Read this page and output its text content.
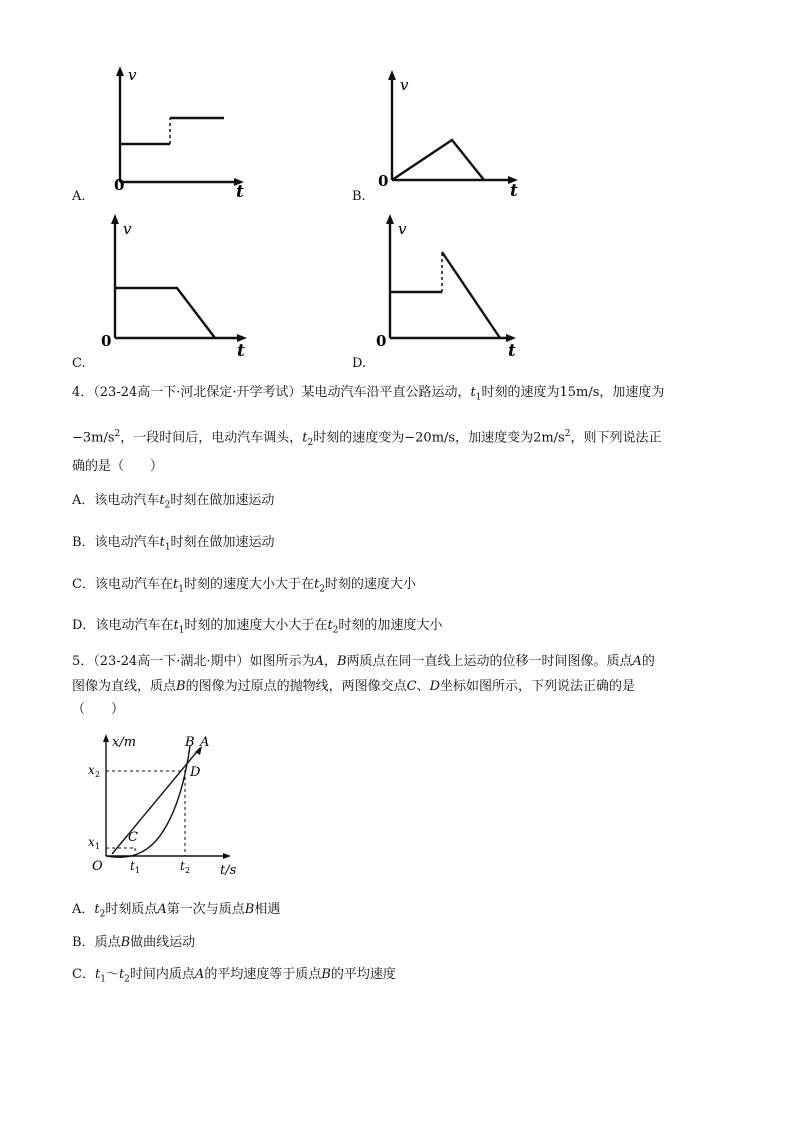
v
t
0
A.
v
t
0
B.
v
t
0
C.
v
t
0
D.
4．（23-24高一下·河北保定·开学考试）某电动汽车沿平直公路运动，$t_1$时刻的速度为15m/s，加速度为
$-3m/s^2$，一段时间后，电动汽车调头，$t_2$时刻的速度变为−20m/s，加速度变为$2m/s^2$，则下列说法正
确的是（　　）
A．该电动汽车$t_2$时刻在做加速运动
B．该电动汽车$t_1$时刻在做加速运动
C．该电动汽车在$t_1$时刻的速度大小大于在$t_2$时刻的速度大小
D．该电动汽车在$t_1$时刻的加速度大小大于在$t_2$时刻的加速度大小
5．（23-24高一下·湖北·期中）如图所示为A，B两质点在同一直线上运动的位移一时间图像。质点A的
图像为直线，质点B的图像为过原点的抛物线，两图像交点C、D坐标如图所示，下列说法正确的是
（　　）
x/m
t/s
O
x 1
x 2
t 1	t 2
B A
C
D
A．$t_2$时刻质点A第一次与质点B相遇
B．质点B做曲线运动
C．$t_1\sim t_2$时间内质点A的平均速度等于质点B的平均速度
